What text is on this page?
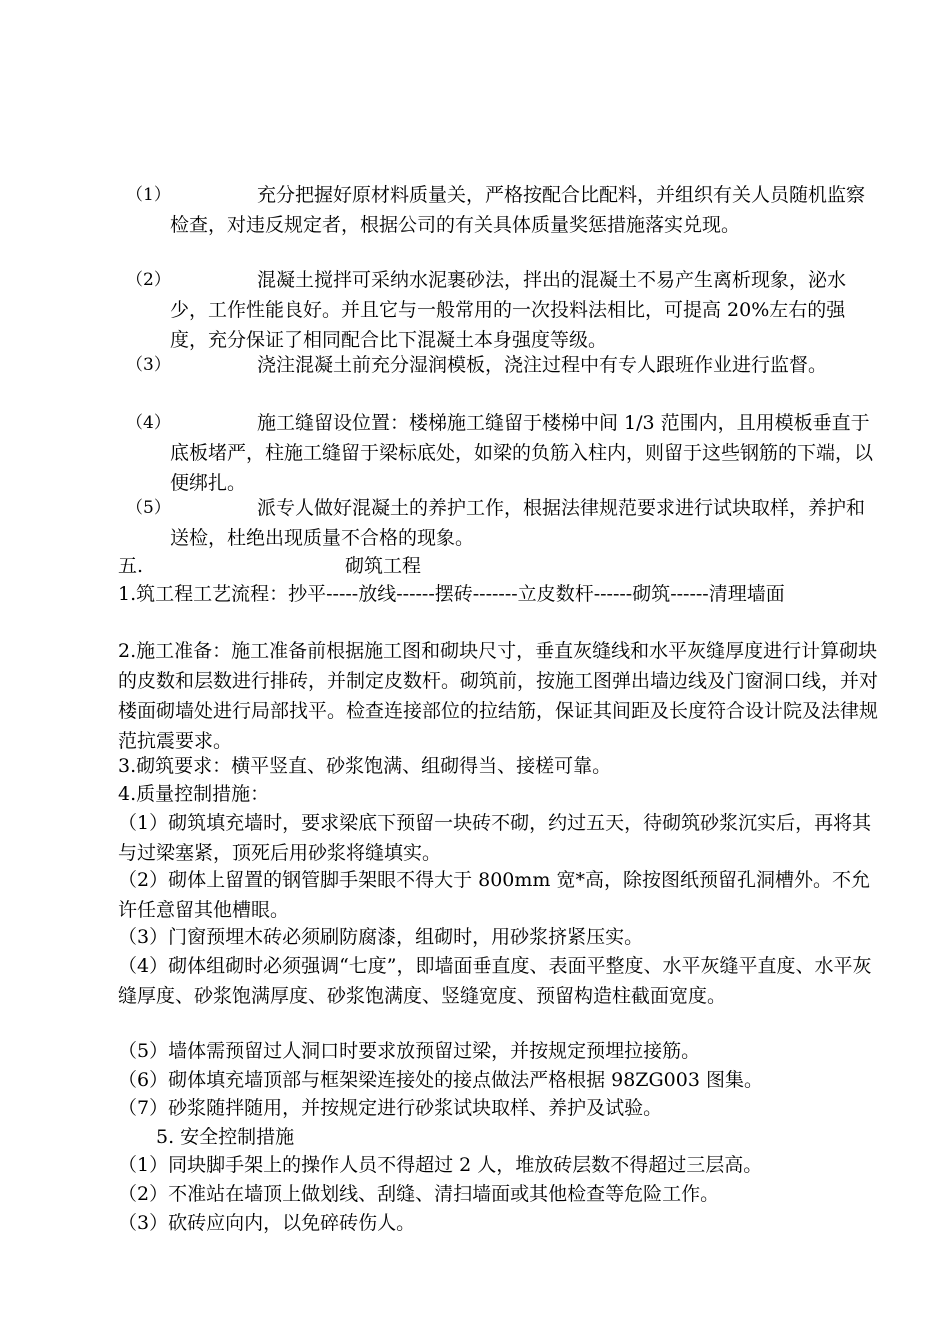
（1）	充分把握好原材料质量关，严格按配合比配料，并组织有关人员随机监察检查，对违反规定者，根据公司的有关具体质量奖惩措施落实兑现。
（2）	混凝土搅拌可采纳水泥裹砂法，拌出的混凝土不易产生离析现象，泌水少，工作性能良好。并且它与一般常用的一次投料法相比，可提高 20%左右的强度，充分保证了相同配合比下混凝土本身强度等级。
（3）	浇注混凝土前充分湿润模板，浇注过程中有专人跟班作业进行监督。
（4）	施工缝留设位置：楼梯施工缝留于楼梯中间 1/3 范围内，且用模板垂直于底板堵严，柱施工缝留于梁标底处，如梁的负筋入柱内，则留于这些钢筋的下端，以便绑扎。
（5）	派专人做好混凝土的养护工作，根据法律规范要求进行试块取样，养护和送检，杜绝出现质量不合格的现象。
五.	砌筑工程

1.筑工程工艺流程：抄平-----放线------摆砖-------立皮数杆------砌筑------清理墙面

2.施工准备：施工准备前根据施工图和砌块尺寸，垂直灰缝线和水平灰缝厚度进行计算砌块的皮数和层数进行排砖，并制定皮数杆。砌筑前，按施工图弹出墙边线及门窗洞口线，并对楼面砌墙处进行局部找平。检查连接部位的拉结筋，保证其间距及长度符合设计院及法律规范抗震要求。

3.砌筑要求：横平竖直、砂浆饱满、组砌得当、接槎可靠。

4.质量控制措施：

（1）砌筑填充墙时，要求梁底下预留一块砖不砌，约过五天，待砌筑砂浆沉实后，再将其与过梁塞紧，顶死后用砂浆将缝填实。

（2）砌体上留置的钢管脚手架眼不得大于 800mm 宽*高，除按图纸预留孔洞槽外。不允许任意留其他槽眼。

（3）门窗预埋木砖必须刷防腐漆，组砌时，用砂浆挤紧压实。

（4）砌体组砌时必须强调“七度”，即墙面垂直度、表面平整度、水平灰缝平直度、水平灰缝厚度、砂浆饱满厚度、砂浆饱满度、竖缝宽度、预留构造柱截面宽度。

（5）墙体需预留过人洞口时要求放预留过梁，并按规定预埋拉接筋。

（6）砌体填充墙顶部与框架梁连接处的接点做法严格根据 98ZG003 图集。

（7）砂浆随拌随用，并按规定进行砂浆试块取样、养护及试验。

　　5. 安全控制措施

（1）同块脚手架上的操作人员不得超过 2 人，堆放砖层数不得超过三层高。

（2）不准站在墙顶上做划线、刮缝、清扫墙面或其他检查等危险工作。

（3）砍砖应向内，以免碎砖伤人。
